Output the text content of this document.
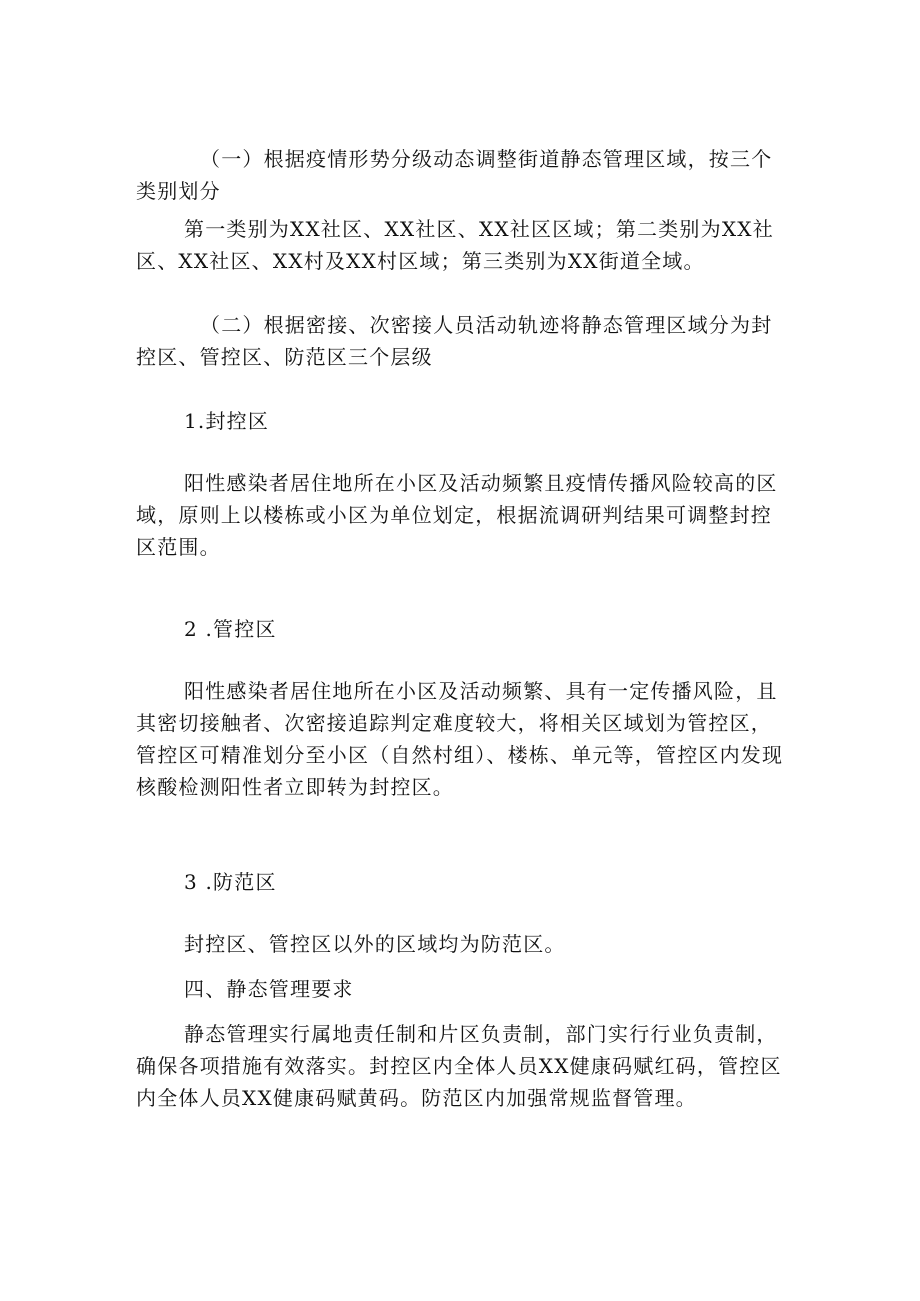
（一）根据疫情形势分级动态调整街道静态管理区域，按三个类别划分

第一类别为XX社区、XX社区、XX社区区域；第二类别为XX社区、XX社区、XX村及XX村区域；第三类别为XX街道全域。

（二）根据密接、次密接人员活动轨迹将静态管理区域分为封控区、管控区、防范区三个层级

1.封控区

阳性感染者居住地所在小区及活动频繁且疫情传播风险较高的区域，原则上以楼栋或小区为单位划定，根据流调研判结果可调整封控区范围。

2 .管控区

阳性感染者居住地所在小区及活动频繁、具有一定传播风险，且其密切接触者、次密接追踪判定难度较大，将相关区域划为管控区，管控区可精准划分至小区（自然村组）、楼栋、单元等，管控区内发现核酸检测阳性者立即转为封控区。

3 .防范区

封控区、管控区以外的区域均为防范区。

四、静态管理要求

静态管理实行属地责任制和片区负责制，部门实行行业负责制，确保各项措施有效落实。封控区内全体人员XX健康码赋红码，管控区内全体人员XX健康码赋黄码。防范区内加强常规监督管理。
